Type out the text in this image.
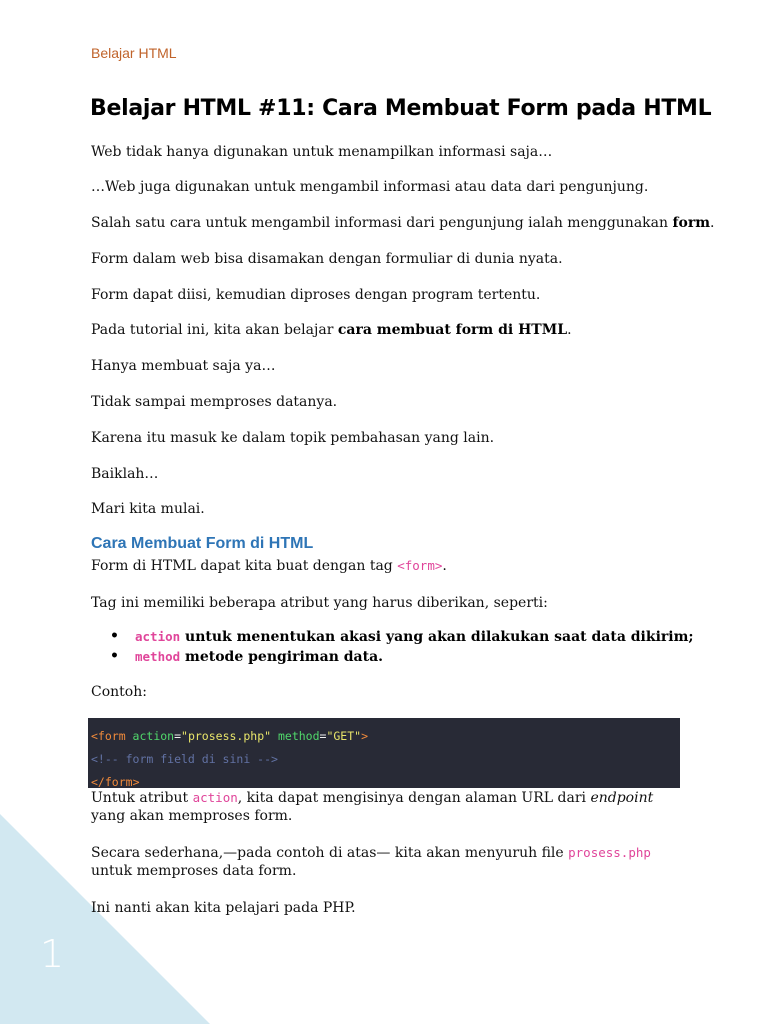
1
Belajar HTML
Belajar HTML #11: Cara Membuat Form pada HTML

Web tidak hanya digunakan untuk menampilkan informasi saja…

…Web juga digunakan untuk mengambil informasi atau data dari pengunjung.

Salah satu cara untuk mengambil informasi dari pengunjung ialah menggunakan form.

Form dalam web bisa disamakan dengan formuliar di dunia nyata.

Form dapat diisi, kemudian diproses dengan program tertentu.

Pada tutorial ini, kita akan belajar cara membuat form di HTML.

Hanya membuat saja ya…

Tidak sampai memproses datanya.

Karena itu masuk ke dalam topik pembahasan yang lain.

Baiklah…

Mari kita mulai.

Cara Membuat Form di HTML

Form di HTML dapat kita buat dengan tag <form>.

Tag ini memiliki beberapa atribut yang harus diberikan, seperti:

• action untuk menentukan akasi yang akan dilakukan saat data dikirim;
• method metode pengiriman data.

Contoh:

<form action="prosess.php" method="GET">
<!-- form field di sini -->
</form>

Untuk atribut action, kita dapat mengisinya dengan alaman URL dari endpoint yang akan memproses form.

Secara sederhana,—pada contoh di atas— kita akan menyuruh file prosess.php untuk memproses data form.

Ini nanti akan kita pelajari pada PHP.
